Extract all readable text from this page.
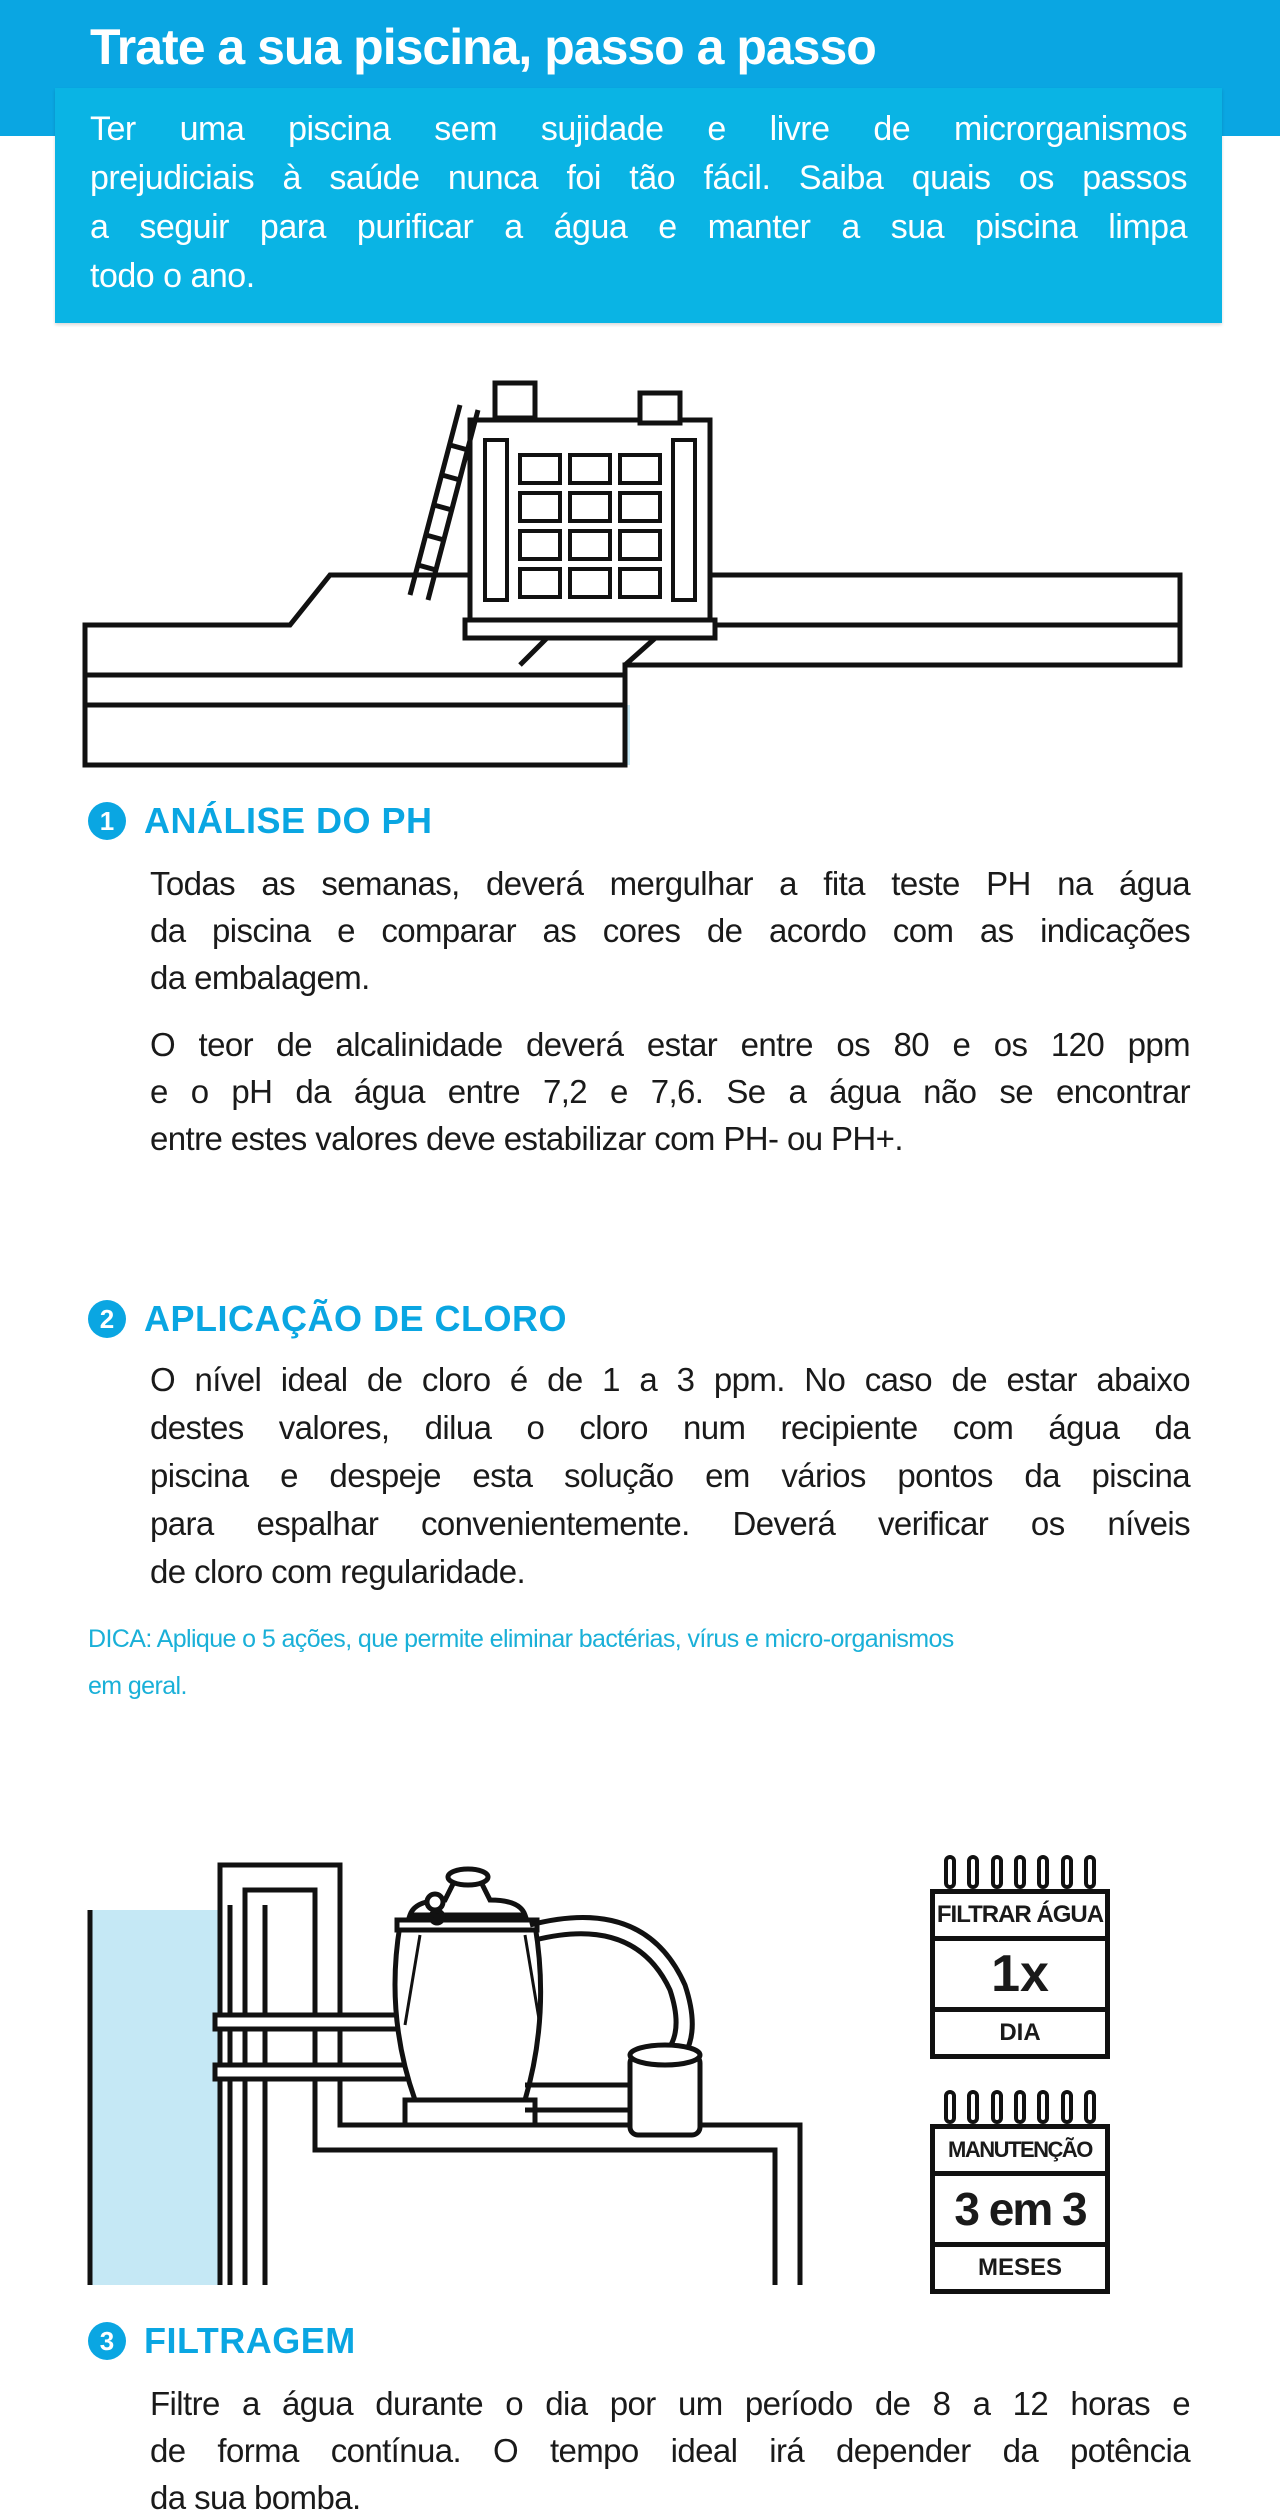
Trate a sua piscina, passo a passo
Ter uma piscina sem sujidade e livre de microrganismos
prejudiciais à saúde nunca foi tão fácil. Saiba quais os passos
a seguir para purificar a água e manter a sua piscina limpa
todo o ano.
1 ANÁLISE DO PH
Todas as semanas, deverá mergulhar a fita teste PH na água
da piscina e comparar as cores de acordo com as indicações
da embalagem.
O teor de alcalinidade deverá estar entre os 80 e os 120 ppm
e o pH da água entre 7,2 e 7,6. Se a água não se encontrar
entre estes valores deve estabilizar com PH- ou PH+.
2 APLICAÇÃO DE CLORO
O nível ideal de cloro é de 1 a 3 ppm. No caso de estar abaixo
destes valores, dilua o cloro num recipiente com água da
piscina e despeje esta solução em vários pontos da piscina
para espalhar convenientemente. Deverá verificar os níveis
de cloro com regularidade.
DICA: Aplique o 5 ações, que permite eliminar bactérias, vírus e micro-organismos
em geral.
FILTRAR ÁGUA
1x
DIA
MANUTENÇÃO
3 em 3
MESES
3 FILTRAGEM
Filtre a água durante o dia por um período de 8 a 12 horas e
de forma contínua. O tempo ideal irá depender da potência
da sua bomba.
